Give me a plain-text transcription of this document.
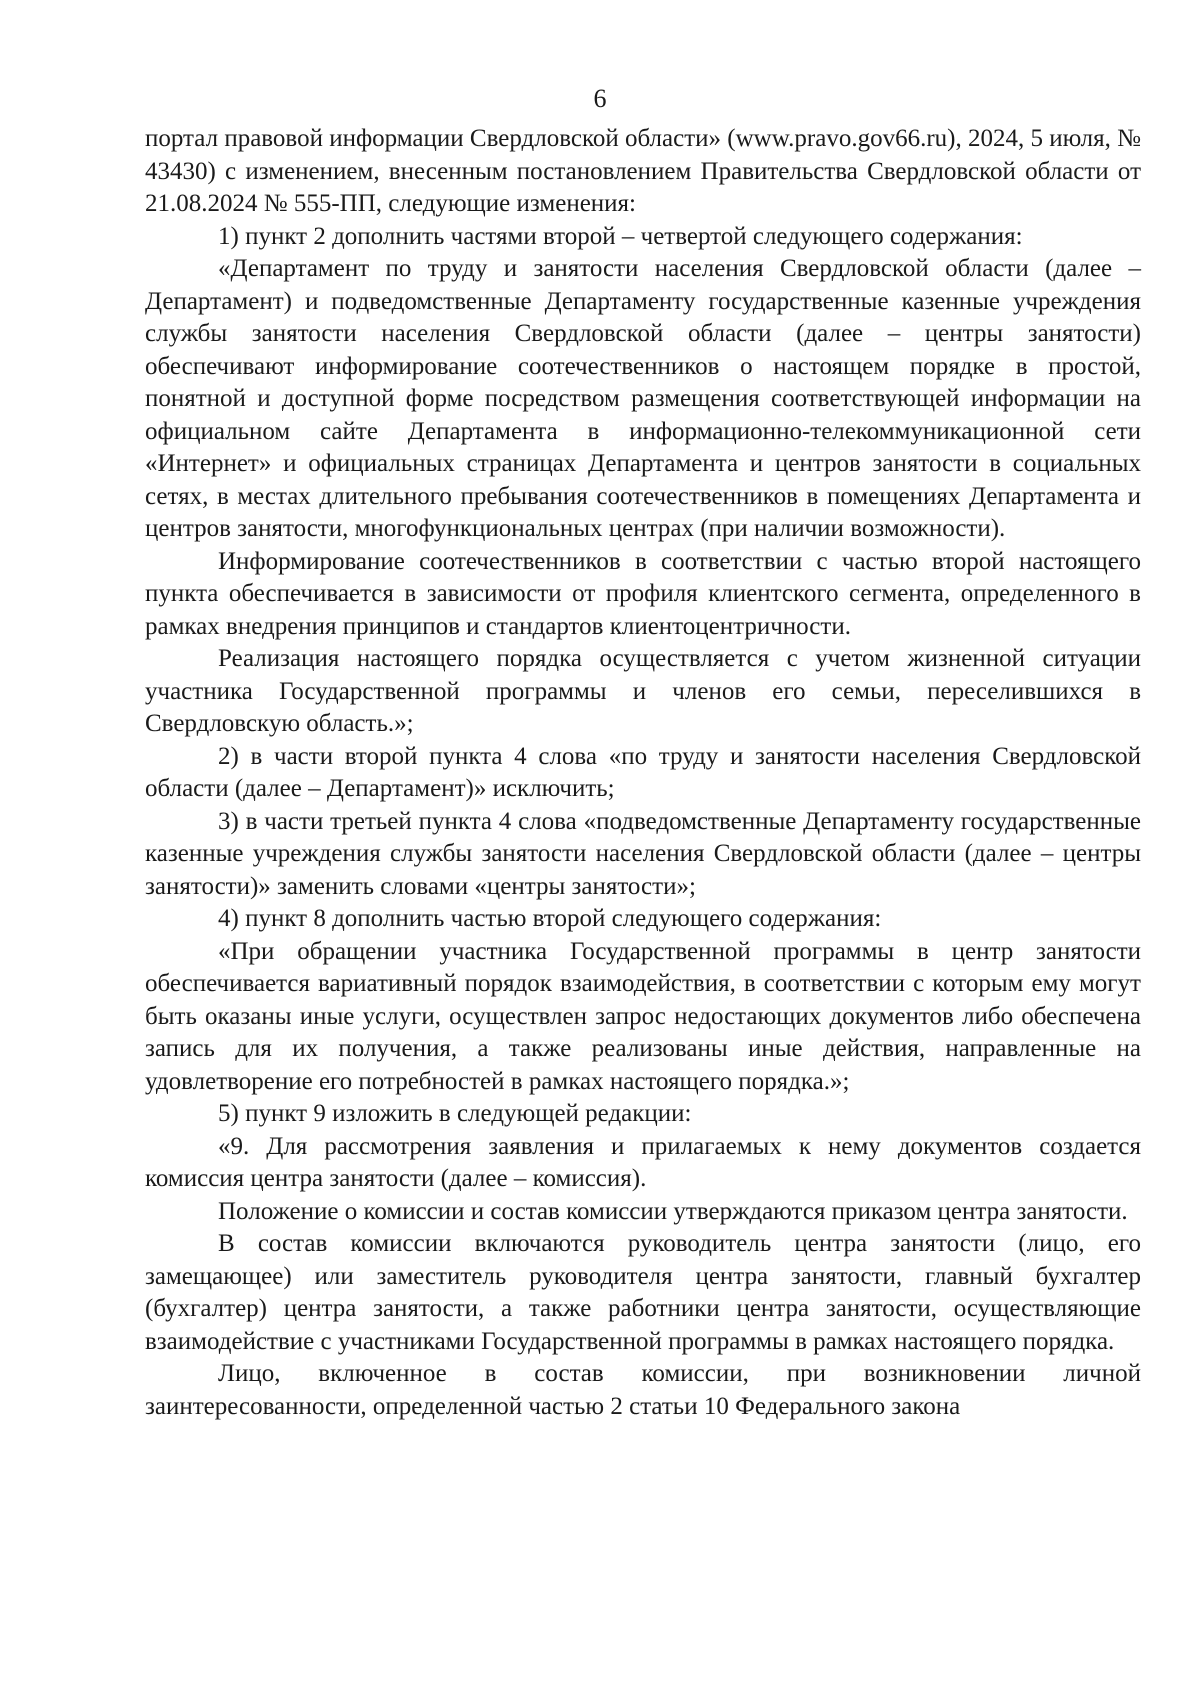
6

портал правовой информации Свердловской области» (www.pravo.gov66.ru), 2024, 5 июля, № 43430) с изменением, внесенным постановлением Правительства Свердловской области от 21.08.2024 № 555-ПП, следующие изменения:

1) пункт 2 дополнить частями второй – четвертой следующего содержания:

«Департамент по труду и занятости населения Свердловской области (далее – Департамент) и подведомственные Департаменту государственные казенные учреждения службы занятости населения Свердловской области (далее – центры занятости) обеспечивают информирование соотечественников о настоящем порядке в простой, понятной и доступной форме посредством размещения соответствующей информации на официальном сайте Департамента в информационно-телекоммуникационной сети «Интернет» и официальных страницах Департамента и центров занятости в социальных сетях, в местах длительного пребывания соотечественников в помещениях Департамента и центров занятости, многофункциональных центрах (при наличии возможности).

Информирование соотечественников в соответствии с частью второй настоящего пункта обеспечивается в зависимости от профиля клиентского сегмента, определенного в рамках внедрения принципов и стандартов клиентоцентричности.

Реализация настоящего порядка осуществляется с учетом жизненной ситуации участника Государственной программы и членов его семьи, переселившихся в Свердловскую область.»;

2) в части второй пункта 4 слова «по труду и занятости населения Свердловской области (далее – Департамент)» исключить;

3) в части третьей пункта 4 слова «подведомственные Департаменту государственные казенные учреждения службы занятости населения Свердловской области (далее – центры занятости)» заменить словами «центры занятости»;

4) пункт 8 дополнить частью второй следующего содержания:

«При обращении участника Государственной программы в центр занятости обеспечивается вариативный порядок взаимодействия, в соответствии с которым ему могут быть оказаны иные услуги, осуществлен запрос недостающих документов либо обеспечена запись для их получения, а также реализованы иные действия, направленные на удовлетворение его потребностей в рамках настоящего порядка.»;

5) пункт 9 изложить в следующей редакции:

«9. Для рассмотрения заявления и прилагаемых к нему документов создается комиссия центра занятости (далее – комиссия).

Положение о комиссии и состав комиссии утверждаются приказом центра занятости.

В состав комиссии включаются руководитель центра занятости (лицо, его замещающее) или заместитель руководителя центра занятости, главный бухгалтер (бухгалтер) центра занятости, а также работники центра занятости, осуществляющие взаимодействие с участниками Государственной программы в рамках настоящего порядка.

Лицо, включенное в состав комиссии, при возникновении личной заинтересованности, определенной частью 2 статьи 10 Федерального закона
